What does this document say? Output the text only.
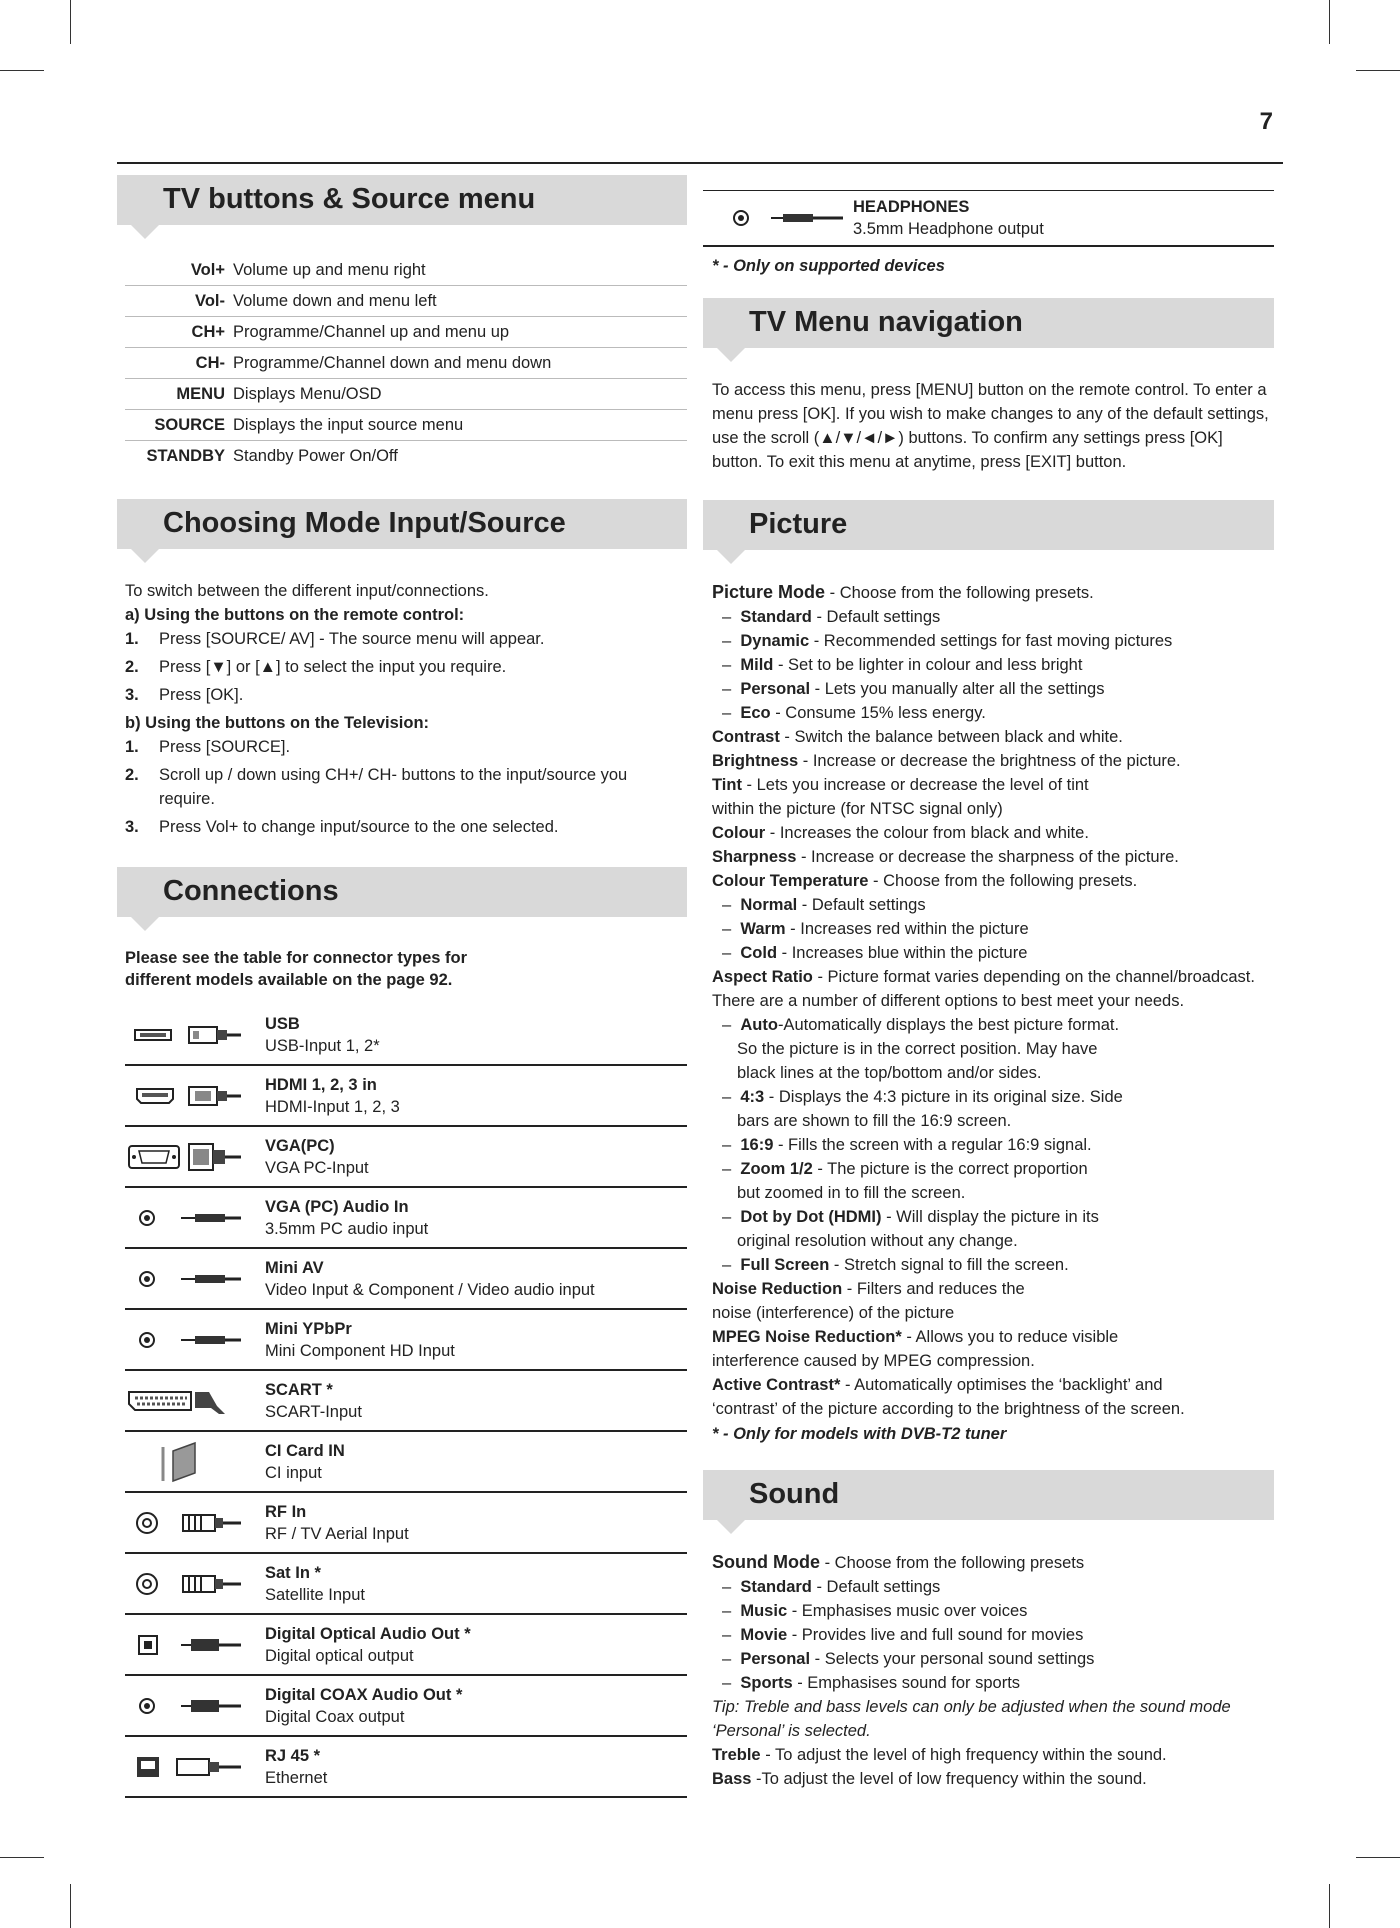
7
TV buttons & Source menu
Vol+	Volume up and menu right
Vol-	Volume down and menu left
CH+	Programme/Channel up and menu up
CH-	Programme/Channel down and menu down
MENU	Displays Menu/OSD
SOURCE	Displays the input source menu
STANDBY	Standby Power On/Off
Choosing Mode Input/Source
To switch between the different input/connections.
a) Using the buttons on the remote control:
1.	Press [SOURCE/ AV] - The source menu will appear.
2.	Press [▼] or [▲] to select the input you require.
3.	Press [OK].
b) Using the buttons on the Television:
1.	Press [SOURCE].
2.	Scroll up / down using CH+/ CH- buttons to the input/source you require.
3.	Press Vol+ to change input/source to the one selected.
Connections
Please see the table for connector types for different models available on the page 92.

USB
USB-Input 1, 2*

HDMI 1, 2, 3 in
HDMI-Input 1, 2, 3

VGA(PC)
VGA PC-Input

VGA (PC) Audio In
3.5mm PC audio input

Mini AV
Video Input & Component / Video audio input

Mini YPbPr
Mini Component HD Input

SCART *
SCART-Input

CI Card IN
CI input

RF In
RF / TV Aerial Input

Sat In *
Satellite Input

Digital Optical Audio Out *
Digital optical output

Digital COAX Audio Out *
Digital Coax output

RJ 45 *
Ethernet

HEADPHONES
3.5mm Headphone output
* - Only on supported devices
TV Menu navigation
To access this menu, press [MENU] button on the remote control. To enter a menu press [OK]. If you wish to make changes to any of the default settings, use the scroll (▲/▼/◄/►) buttons. To confirm any settings press [OK] button. To exit this menu at anytime, press [EXIT] button.
Picture
Picture Mode - Choose from the following presets.
–  Standard - Default settings
–  Dynamic - Recommended settings for fast moving pictures
–  Mild - Set to be lighter in colour and less bright
–  Personal - Lets you manually alter all the settings
–  Eco - Consume 15% less energy.
Contrast - Switch the balance between black and white.
Brightness - Increase or decrease the brightness of the picture.
Tint - Lets you increase or decrease the level of tint
within the picture (for NTSC signal only)
Colour - Increases the colour from black and white.
Sharpness - Increase or decrease the sharpness of the picture.
Colour Temperature - Choose from the following presets.
–  Normal - Default settings
–  Warm - Increases red within the picture
–  Cold - Increases blue within the picture
Aspect Ratio - Picture format varies depending on the channel/broadcast.
There are a number of different options to best meet your needs.
–  Auto-Automatically displays the best picture format.
So the picture is in the correct position. May have
black lines at the top/bottom and/or sides.
–  4:3 - Displays the 4:3 picture in its original size. Side
bars are shown to fill the 16:9 screen.
–  16:9 - Fills the screen with a regular 16:9 signal.
–  Zoom 1/2 - The picture is the correct proportion
but zoomed in to fill the screen.
–  Dot by Dot (HDMI) - Will display the picture in its
original resolution without any change.
–  Full Screen - Stretch signal to fill the screen.
Noise Reduction - Filters and reduces the
noise (interference) of the picture
MPEG Noise Reduction* - Allows you to reduce visible
interference caused by MPEG compression.
Active Contrast* - Automatically optimises the ‘backlight’ and
‘contrast’ of the picture according to the brightness of the screen.
* - Only for models with DVB-T2 tuner
Sound
Sound Mode - Choose from the following presets
–  Standard - Default settings
–  Music - Emphasises music over voices
–  Movie - Provides live and full sound for movies
–  Personal - Selects your personal sound settings
–  Sports - Emphasises sound for sports
Tip: Treble and bass levels can only be adjusted when the sound mode
‘Personal’ is selected.
Treble - To adjust the level of high frequency within the sound.
Bass -To adjust the level of low frequency within the sound.
